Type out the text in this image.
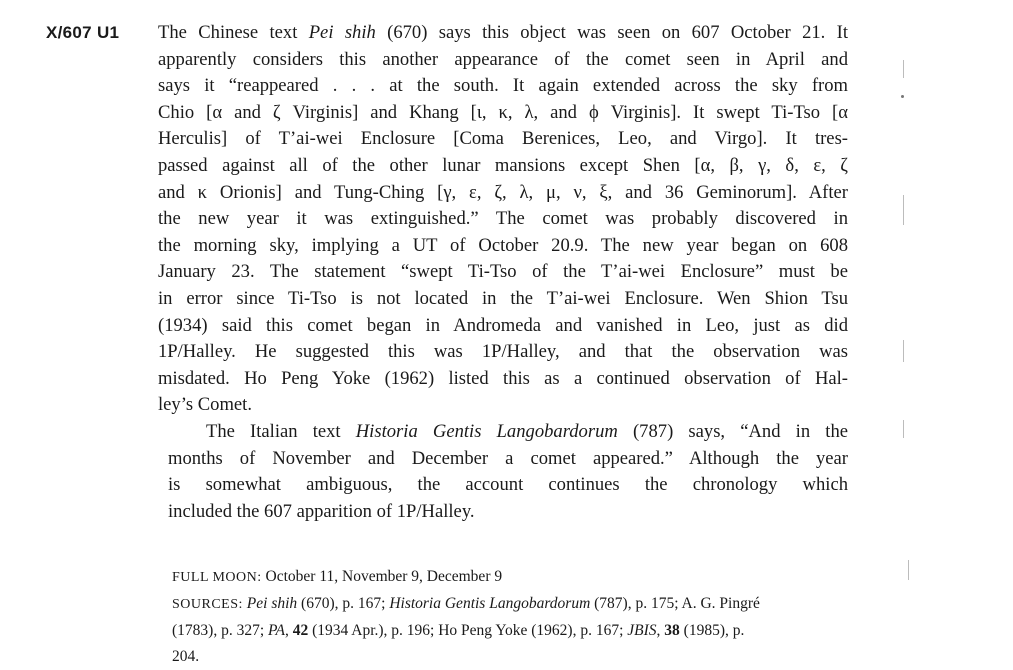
X/607 U1 The Chinese text Pei shih (670) says this object was seen on 607 October 21. It
apparently considers this another appearance of the comet seen in April and
says it “reappeared . . . at the south. It again extended across the sky from
Chio [α and ζ Virginis] and Khang [ι, κ, λ, and ϕ Virginis]. It swept Ti-Tso [α
Herculis] of T’ai-wei Enclosure [Coma Berenices, Leo, and Virgo]. It tres-
passed against all of the other lunar mansions except Shen [α, β, γ, δ, ε, ζ
and κ Orionis] and Tung-Ching [γ, ε, ζ, λ, μ, ν, ξ, and 36 Geminorum]. After
the new year it was extinguished.” The comet was probably discovered in
the morning sky, implying a UT of October 20.9. The new year began on 608
January 23. The statement “swept Ti-Tso of the T’ai-wei Enclosure” must be
in error since Ti-Tso is not located in the T’ai-wei Enclosure. Wen Shion Tsu
(1934) said this comet began in Andromeda and vanished in Leo, just as did
1P/Halley. He suggested this was 1P/Halley, and that the observation was
misdated. Ho Peng Yoke (1962) listed this as a continued observation of Hal-
ley’s Comet.
The Italian text Historia Gentis Langobardorum (787) says, “And in the
months of November and December a comet appeared.” Although the year
is somewhat ambiguous, the account continues the chronology which
included the 607 apparition of 1P/Halley.
FULL MOON: October 11, November 9, December 9
SOURCES: Pei shih (670), p. 167; Historia Gentis Langobardorum (787), p. 175; A. G. Pingré
(1783), p. 327; PA, 42 (1934 Apr.), p. 196; Ho Peng Yoke (1962), p. 167; JBIS, 38 (1985), p.
204.
